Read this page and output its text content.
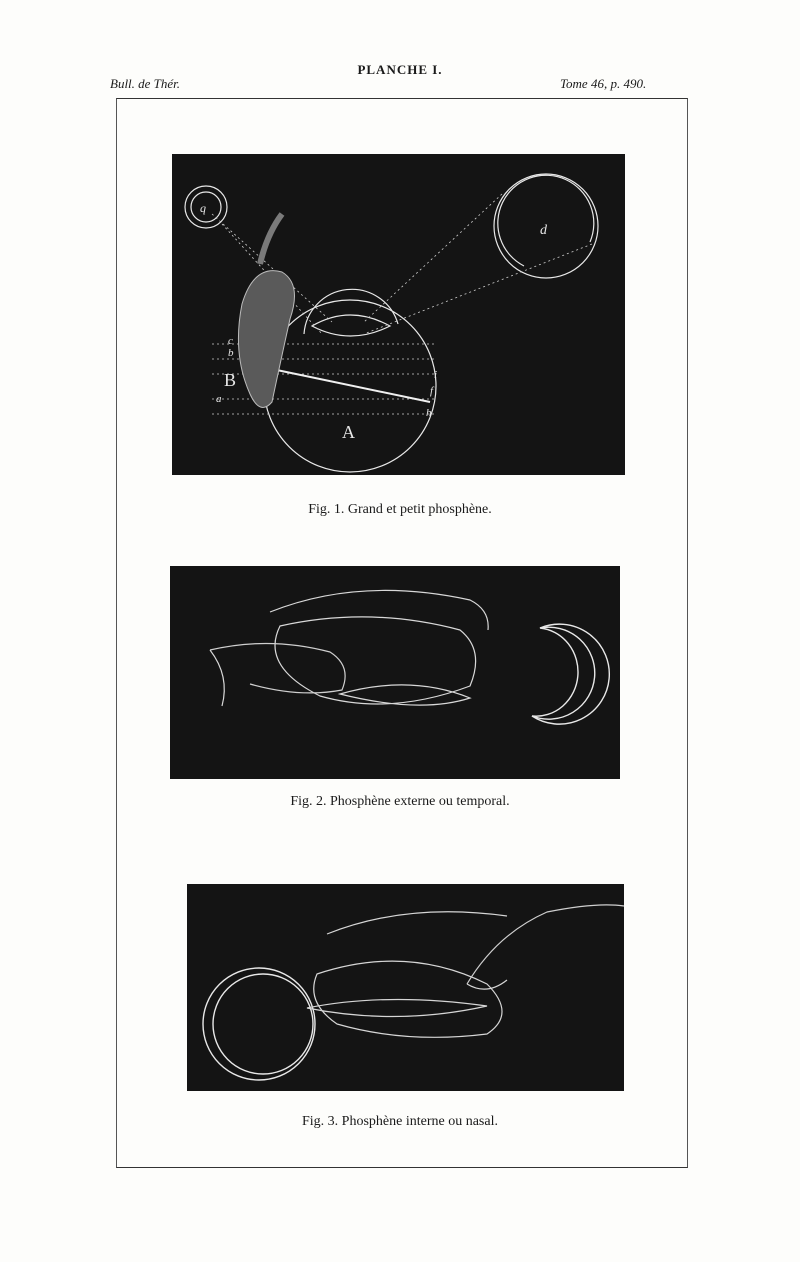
Bull. de Thér.
PLANCHE I.
Tome 46, p. 490.
q
d
B
A
c
b
a
i
f
h
Fig. 1. Grand et petit phosphène.
Fig. 2. Phosphène externe ou temporal.
Fig. 3. Phosphène interne ou nasal.
